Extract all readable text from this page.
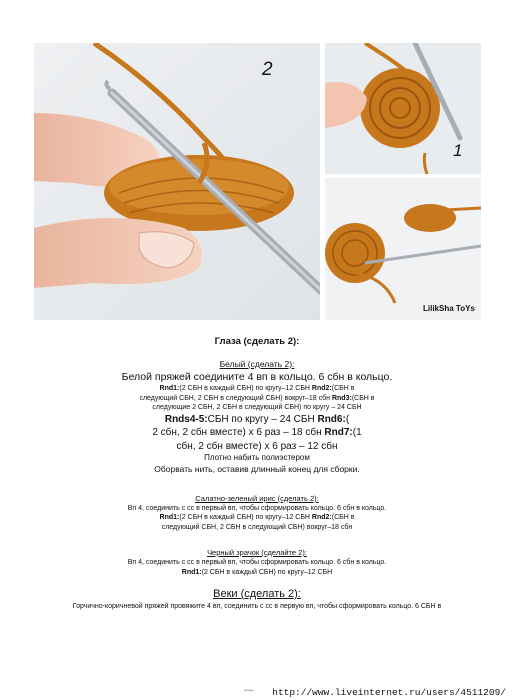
2
1
LilikSha ToYs

Глаза (сделать 2):

Белый (сделать 2):

Белой пряжей соедините 4 вп в кольцо. 6 сбн в кольцо.

Rnd1:(2 СБН в каждый СБН) по кругу–12 СБН Rnd2:(СБН в

следующий СБН, 2 СБН в следующий СБН) вокруг–18 сбн Rnd3:(СБН в

следующие 2 СБН, 2 СБН в следующий СБН) по кругу – 24 СБН

Rnds4-5:СБН по кругу – 24 СБН Rnd6:(

2 сбн, 2 сбн вместе) х 6 раз – 18 сбн Rnd7:(1

сбн, 2 сбн вместе) х 6 раз – 12 сбн

Плотно набить полиэстером

Оборвать нить, оставив длинный конец для сборки.

Салатно-зеленый ирис (сделать 2):

Вп 4, соединить с сс в первый вп, чтобы сформировать кольцо. 6 сбн в кольцо.

Rnd1:(2 СБН в каждый СБН) по кругу–12 СБН Rnd2:(СБН в

следующий СБН, 2 СБН в следующий СБН) вокруг–18 сбн

Черный зрачок (сделайте 2):

Вп 4, соединить с сс в первый вп, чтобы сформировать кольцо. 6 сбн в кольцо.

Rnd1:(2 СБН в каждый СБН) по кругу–12 СБН

Веки (сделать 2):

Горчично-коричневой пряжей провяжите 4 вп, соединить с сс в первую вп, чтобы сформировать кольцо. 6 СБН в

кольцо http://www.liveinternet.ru/users/4511209/
